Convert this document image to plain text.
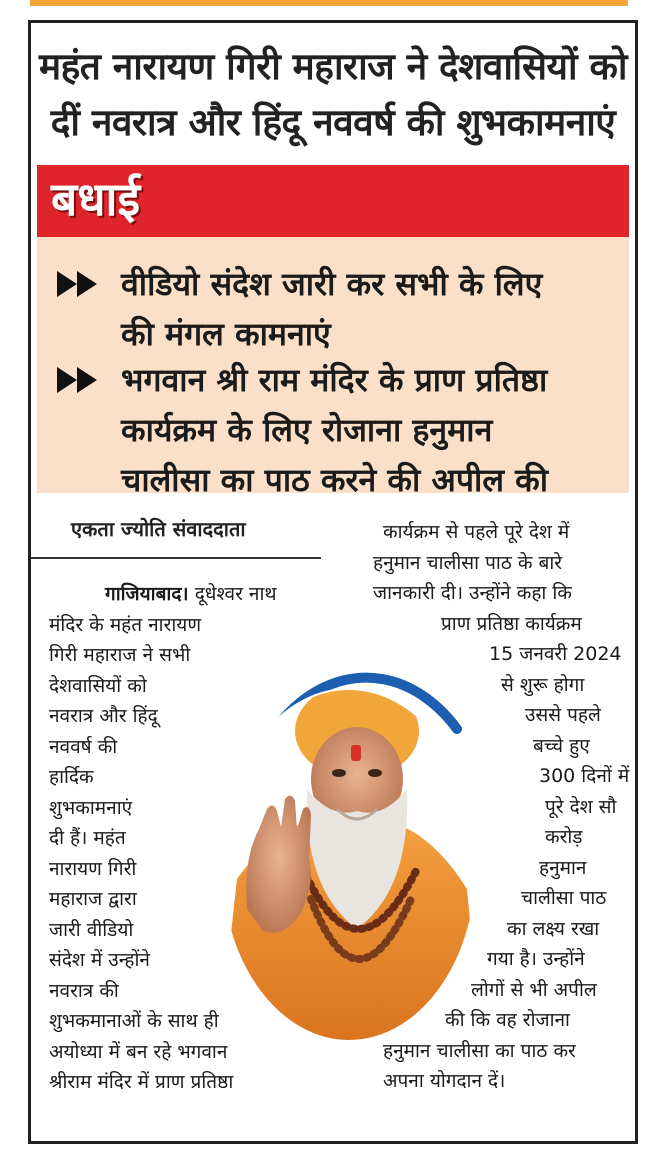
महंत नारायण गिरी महाराज ने देशवासियों को
दीं नवरात्र और हिंदू नववर्ष की शुभकामनाएं
बधाई
वीडियो संदेश जारी कर सभी के लिए
की मंगल कामनाएं
भगवान श्री राम मंदिर के प्राण प्रतिष्ठा
कार्यक्रम के लिए रोजाना हनुमान
चालीसा का पाठ करने की अपील की
एकता ज्योति संवाददाता
गाजियाबाद। दूधेश्वर नाथ
मंदिर के महंत नारायण
गिरी महाराज ने सभी
देशवासियों को
नवरात्र और हिंदू
नववर्ष की
हार्दिक
शुभकामनाएं
दी हैं। महंत
नारायण गिरी
महाराज द्वारा
जारी वीडियो
संदेश में उन्होंने
नवरात्र की
शुभकमानाओं के साथ ही
अयोध्या में बन रहे भगवान
श्रीराम मंदिर में प्राण प्रतिष्ठा
कार्यक्रम से पहले पूरे देश में
हनुमान चालीसा पाठ के बारे
जानकारी दी। उन्होंने कहा कि
प्राण प्रतिष्ठा कार्यक्रम
15 जनवरी 2024
से शुरू होगा
उससे पहले
बच्चे हुए
300 दिनों में
पूरे देश सौ
करोड़
हनुमान
चालीसा पाठ
का लक्ष्य रखा
गया है। उन्होंने
लोगों से भी अपील
की कि वह रोजाना
हनुमान चालीसा का पाठ कर
अपना योगदान दें।
